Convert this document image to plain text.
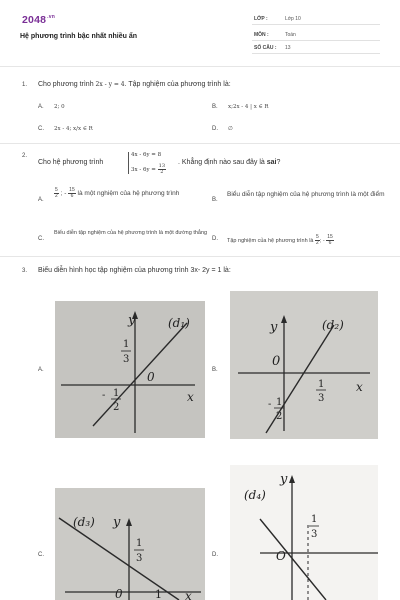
$2048^{.vn}$
Hệ phương trình bậc nhất nhiều ẩn
LỚP :	Lớp 10
MÔN :	Toán
SỐ CÂU : 13
1. Cho phương trình 2x - y = 4. Tập nghiệm của phương trình là:
A. 2; 0	B. x;2x - 4 | x ∈ R
C. 2x - 4; x/x ∈ R	D. ∅
2.
Cho hệ phương trình
4x - 6y = 8
$3x - 6y = \frac{13}{2}$
. Khẳng định nào sau đây là sai?
A.
$\frac{5}{2}$ ; - $\frac{15}{6}$ là một nghiệm của hệ phương trình
B.
Biểu diễn tập nghiệm của hệ phương trình là một điểm
C.
Biểu diễn tập nghiệm của hệ phương trình là một đường thẳng
D. Tập nghiệm của hệ phương trình là $\frac{5}{2}$ ; - $\frac{15}{6}$
3. Biểu diễn hình học tập nghiệm của phương trình 3x- 2y = 1 là:
A.
y	(d₁)
1
3
0
x
- 1
2
B.
y	(d₂)
0
x
1
3
- 1
2
C.
(d₃) y
1
3
0	1 x
D.
y
(d₄)
1
3
O
